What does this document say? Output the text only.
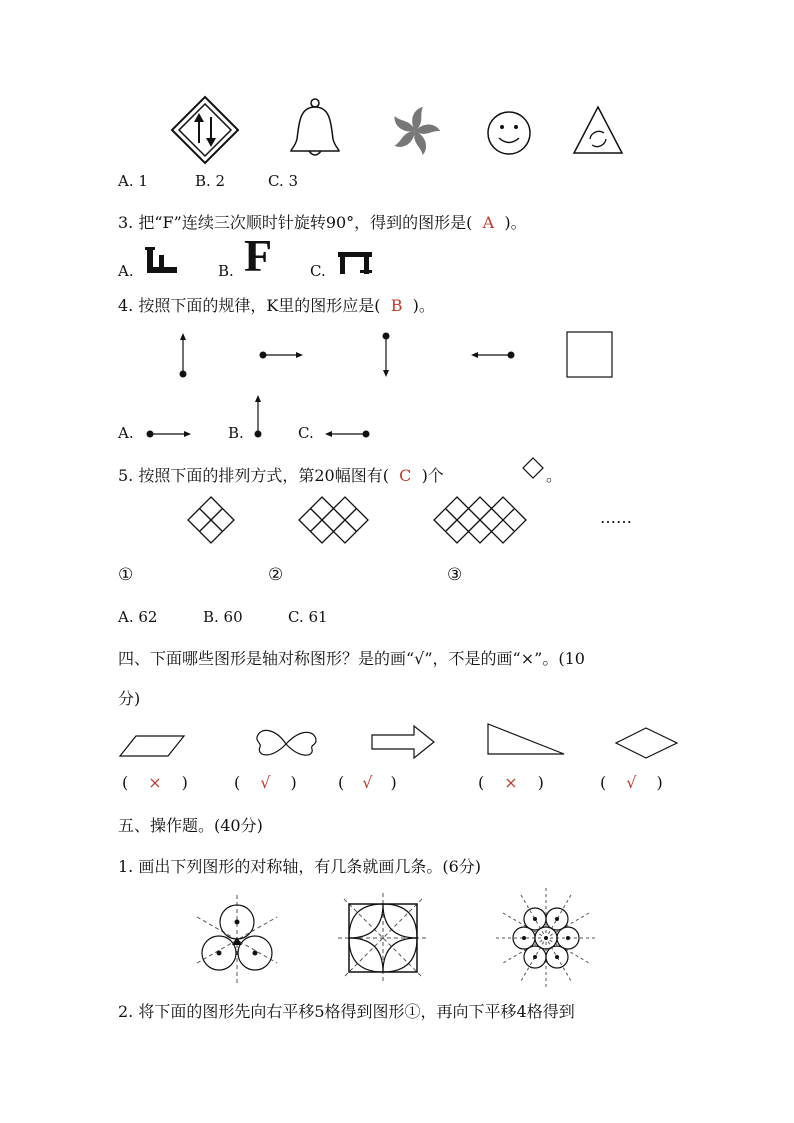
A. 1	B. 2	C. 3
3. 把“F”连续三次顺时针旋转90°，得到的图形是( A )。
A.	B. F	C.
4. 按照下面的规律，K里的图形应是( B )。
A.	B.	C.
5. 按照下面的排列方式，第20幅图有( C )个	。
……
①	②	③
A. 62	B. 60	C. 61
四、下面哪些图形是轴对称图形？是的画“√”，不是的画“×”。(10
分)
( × )	( √ )	( √ )	( × )	( √ )
五、操作题。(40分)
1. 画出下列图形的对称轴，有几条就画几条。(6分)
2. 将下面的图形先向右平移5格得到图形①，再向下平移4格得到
